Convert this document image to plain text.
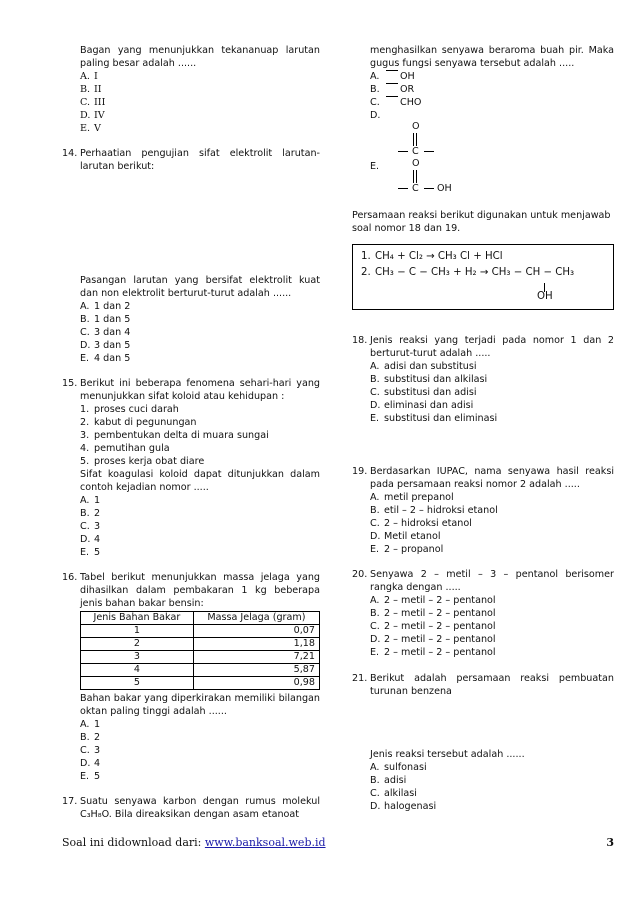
Bagan yang menunjukkan tekananuap larutan paling besar adalah ......
A. I
B. II
C. III
D. IV
E. V
14. Perhaatian pengujian sifat elektrolit larutan-larutan berikut:
Pasangan larutan yang bersifat elektrolit kuat dan non elektrolit berturut-turut adalah ......
A. 1 dan 2
B. 1 dan 5
C. 3 dan 4
D. 3 dan 5
E. 4 dan 5
15. Berikut ini beberapa fenomena sehari-hari yang menunjukkan sifat koloid atau kehidupan :
1. proses cuci darah
2. kabut di pegunungan
3. pembentukan delta di muara sungai
4. pemutihan gula
5. proses kerja obat diare
Sifat koagulasi koloid dapat ditunjukkan dalam contoh kejadian nomor .....
A. 1
B. 2
C. 3
D. 4
E. 5
16. Tabel berikut menunjukkan massa jelaga yang dihasilkan dalam pembakaran 1 kg beberapa jenis bahan bakar bensin:
Jenis Bahan Bakar	Massa Jelaga (gram)
1	0,07
2	1,18
3	7,21
4	5,87
5	0,98
Bahan bakar yang diperkirakan memiliki bilangan oktan paling tinggi adalah ......
A. 1
B. 2
C. 3
D. 4
E. 5
17. Suatu senyawa karbon dengan rumus molekul C₃H₈O. Bila direaksikan dengan asam etanoat
menghasilkan senyawa beraroma buah pir. Maka gugus fungsi senyawa tersebut adalah .....
A.	OH
B.	OR
C.	CHO
D.
O
C
E.	O
C OH
Persamaan reaksi berikut digunakan untuk menjawab soal nomor 18 dan 19.
1. CH₄ + Cl₂ → CH₃ Cl + HCl
2. CH₃ − C − CH₃ + H₂ → CH₃ − CH − CH₃
OH
18. Jenis reaksi yang terjadi pada nomor 1 dan 2 berturut-turut adalah .....
A. adisi dan substitusi
B. substitusi dan alkilasi
C. substitusi dan adisi
D. eliminasi dan adisi
E. substitusi dan eliminasi
19. Berdasarkan IUPAC, nama senyawa hasil reaksi pada persamaan reaksi nomor 2 adalah .....
A. metil prepanol
B. etil – 2 – hidroksi etanol
C. 2 – hidroksi etanol
D. Metil etanol
E. 2 – propanol
20. Senyawa 2 – metil – 3 – pentanol berisomer rangka dengan .....
A. 2 – metil – 2 – pentanol
B. 2 – metil – 2 – pentanol
C. 2 – metil – 2 – pentanol
D. 2 – metil – 2 – pentanol
E. 2 – metil – 2 – pentanol
21. Berikut adalah persamaan reaksi pembuatan turunan benzena
Jenis reaksi tersebut adalah ......
A. sulfonasi
B. adisi
C. alkilasi
D. halogenasi
Soal ini didownload dari: www.banksoal.web.id	3
